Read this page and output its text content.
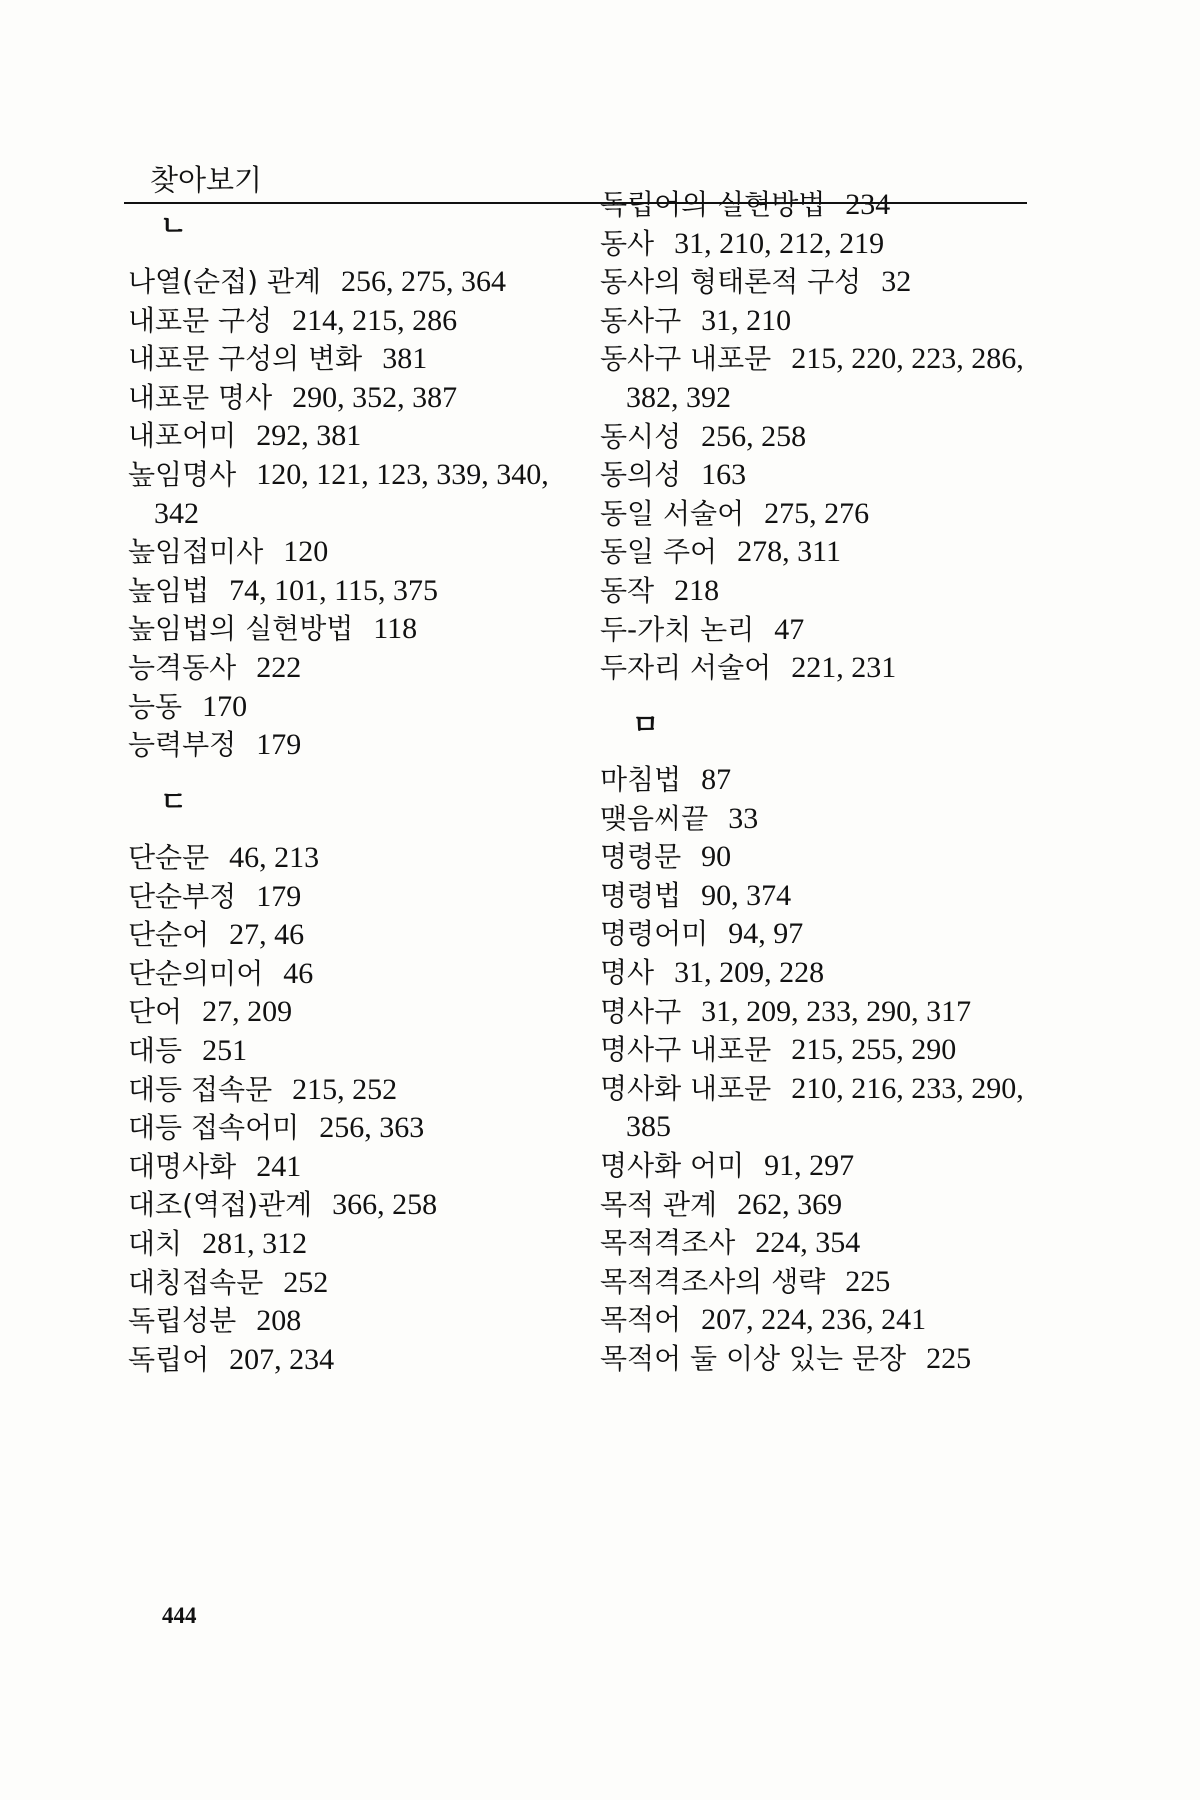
찾아보기
ㄴ
나열(순접) 관계 256, 275, 364
내포문 구성 214, 215, 286
내포문 구성의 변화 381
내포문 명사 290, 352, 387
내포어미 292, 381
높임명사 120, 121, 123, 339, 340,
342
높임접미사 120
높임법 74, 101, 115, 375
높임법의 실현방법 118
능격동사 222
능동 170
능력부정 179
ㄷ
단순문 46, 213
단순부정 179
단순어 27, 46
단순의미어 46
단어 27, 209
대등 251
대등 접속문 215, 252
대등 접속어미 256, 363
대명사화 241
대조(역접)관계 366, 258
대치 281, 312
대칭접속문 252
독립성분 208
독립어 207, 234
독립어의 실현방법 234
동사 31, 210, 212, 219
동사의 형태론적 구성 32
동사구 31, 210
동사구 내포문 215, 220, 223, 286,
382, 392
동시성 256, 258
동의성 163
동일 서술어 275, 276
동일 주어 278, 311
동작 218
두-가치 논리 47
두자리 서술어 221, 231
ㅁ
마침법 87
맺음씨끝 33
명령문 90
명령법 90, 374
명령어미 94, 97
명사 31, 209, 228
명사구 31, 209, 233, 290, 317
명사구 내포문 215, 255, 290
명사화 내포문 210, 216, 233, 290,
385
명사화 어미 91, 297
목적 관계 262, 369
목적격조사 224, 354
목적격조사의 생략 225
목적어 207, 224, 236, 241
목적어 둘 이상 있는 문장 225
444
